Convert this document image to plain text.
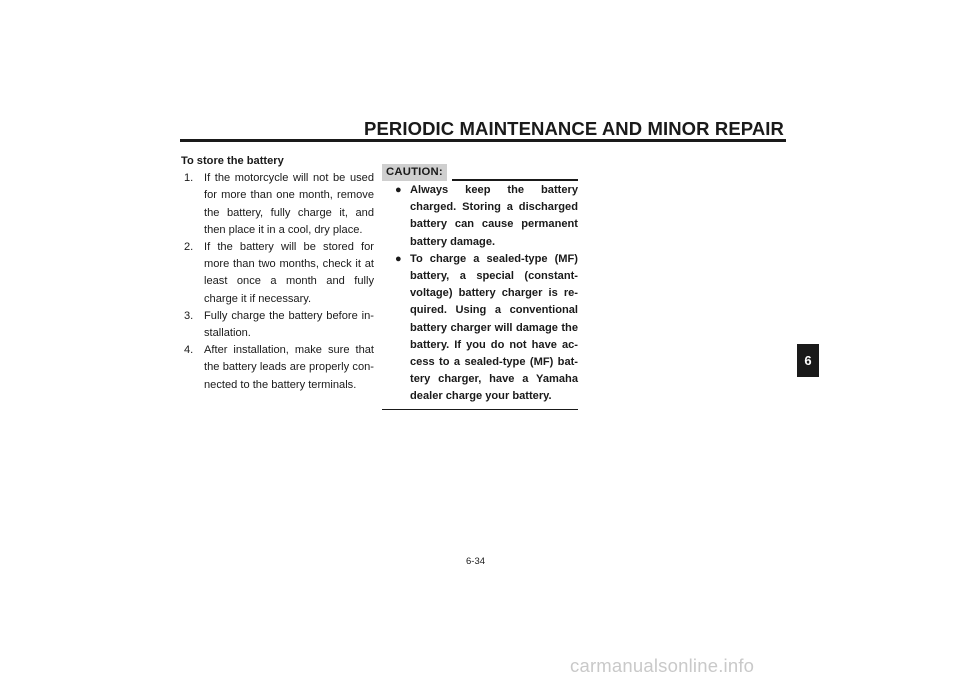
PERIODIC MAINTENANCE AND MINOR REPAIR

To store the battery

1. If the motorcycle will not be used for more than one month, remove the battery, fully charge it, and then place it in a cool, dry place.
2. If the battery will be stored for more than two months, check it at least once a month and fully charge it if necessary.
3. Fully charge the battery before in-stallation.
4. After installation, make sure that the battery leads are properly con-nected to the battery terminals.
CAUTION:
● Always keep the battery charged. Storing a discharged battery can cause permanent battery damage.
● To charge a sealed-type (MF) battery, a special (constant-voltage) battery charger is re-quired. Using a conventional battery charger will damage the battery. If you do not have ac-cess to a sealed-type (MF) bat-tery charger, have a Yamaha dealer charge your battery.
6-34
6
carmanualsonline.info
